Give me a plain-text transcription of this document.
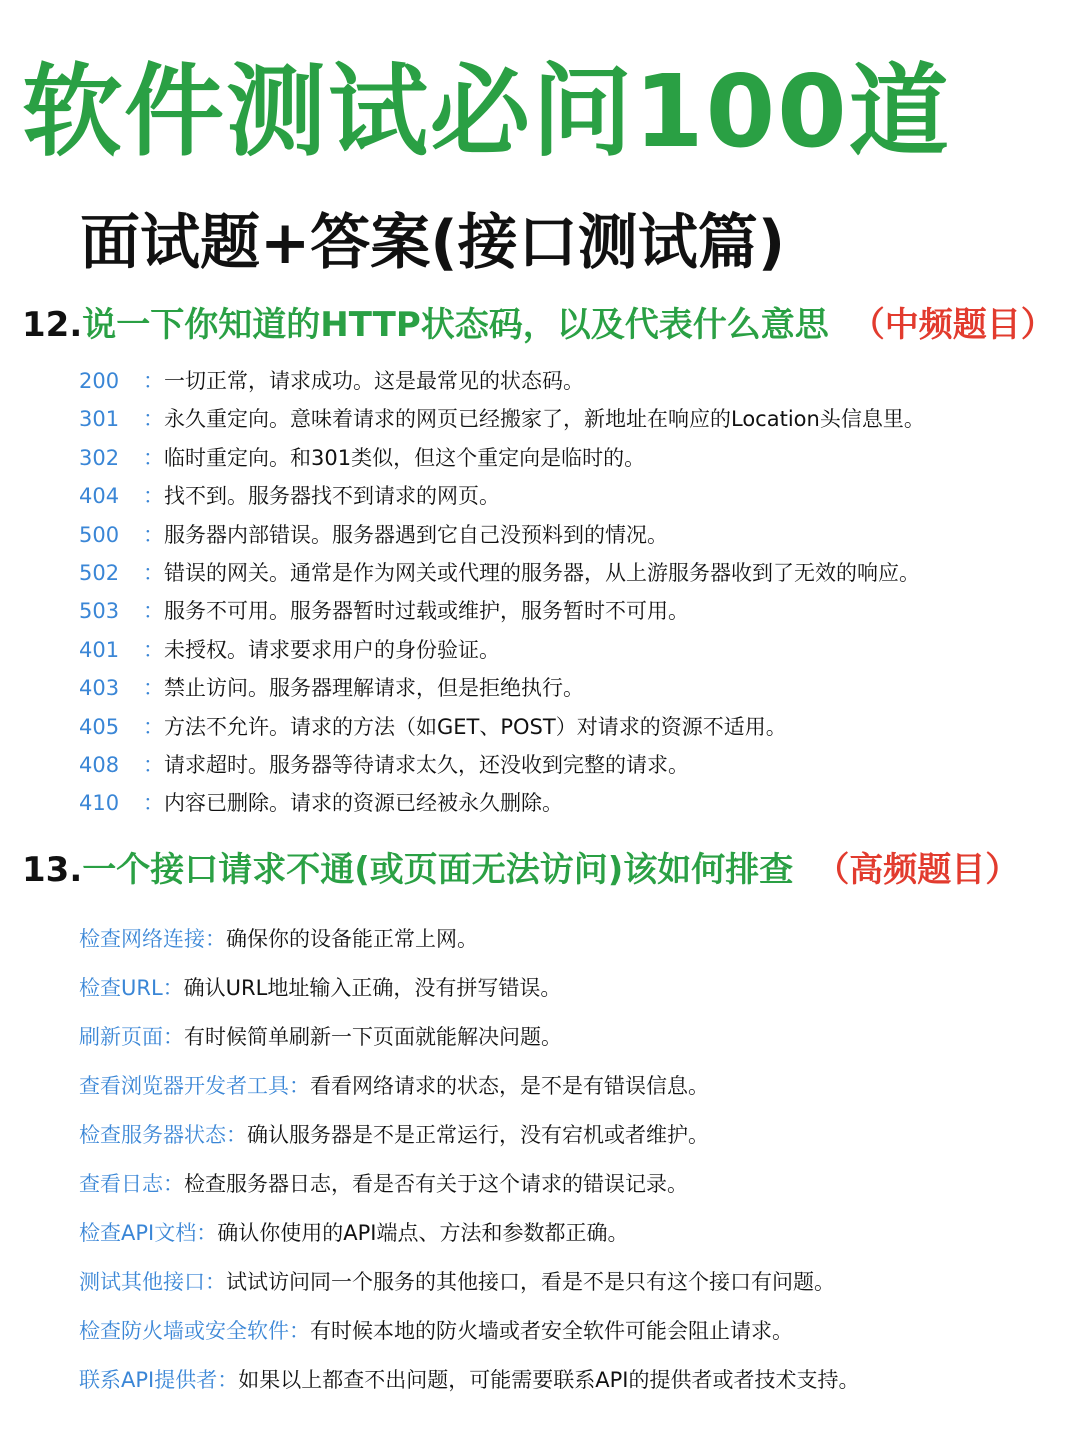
软件测试必问100道
面试题+答案(接口测试篇)
12.说一下你知道的HTTP状态码，以及代表什么意思 （中频题目）
200 ：一切正常，请求成功。这是最常见的状态码。
301 ：永久重定向。意味着请求的网页已经搬家了，新地址在响应的Location头信息里。
302 ：临时重定向。和301类似，但这个重定向是临时的。
404 ：找不到。服务器找不到请求的网页。
500 ：服务器内部错误。服务器遇到它自己没预料到的情况。
502 ：错误的网关。通常是作为网关或代理的服务器，从上游服务器收到了无效的响应。
503 ：服务不可用。服务器暂时过载或维护，服务暂时不可用。
401 ：未授权。请求要求用户的身份验证。
403 ：禁止访问。服务器理解请求，但是拒绝执行。
405 ：方法不允许。请求的方法（如GET、POST）对请求的资源不适用。
408 ：请求超时。服务器等待请求太久，还没收到完整的请求。
410 ：内容已删除。请求的资源已经被永久删除。
13.一个接口请求不通(或页面无法访问)该如何排查 （高频题目）
检查网络连接：确保你的设备能正常上网。
检查URL：确认URL地址输入正确，没有拼写错误。
刷新页面：有时候简单刷新一下页面就能解决问题。
查看浏览器开发者工具：看看网络请求的状态，是不是有错误信息。
检查服务器状态：确认服务器是不是正常运行，没有宕机或者维护。
查看日志：检查服务器日志，看是否有关于这个请求的错误记录。
检查API文档：确认你使用的API端点、方法和参数都正确。
测试其他接口：试试访问同一个服务的其他接口，看是不是只有这个接口有问题。
检查防火墙或安全软件：有时候本地的防火墙或者安全软件可能会阻止请求。
联系API提供者：如果以上都查不出问题，可能需要联系API的提供者或者技术支持。
